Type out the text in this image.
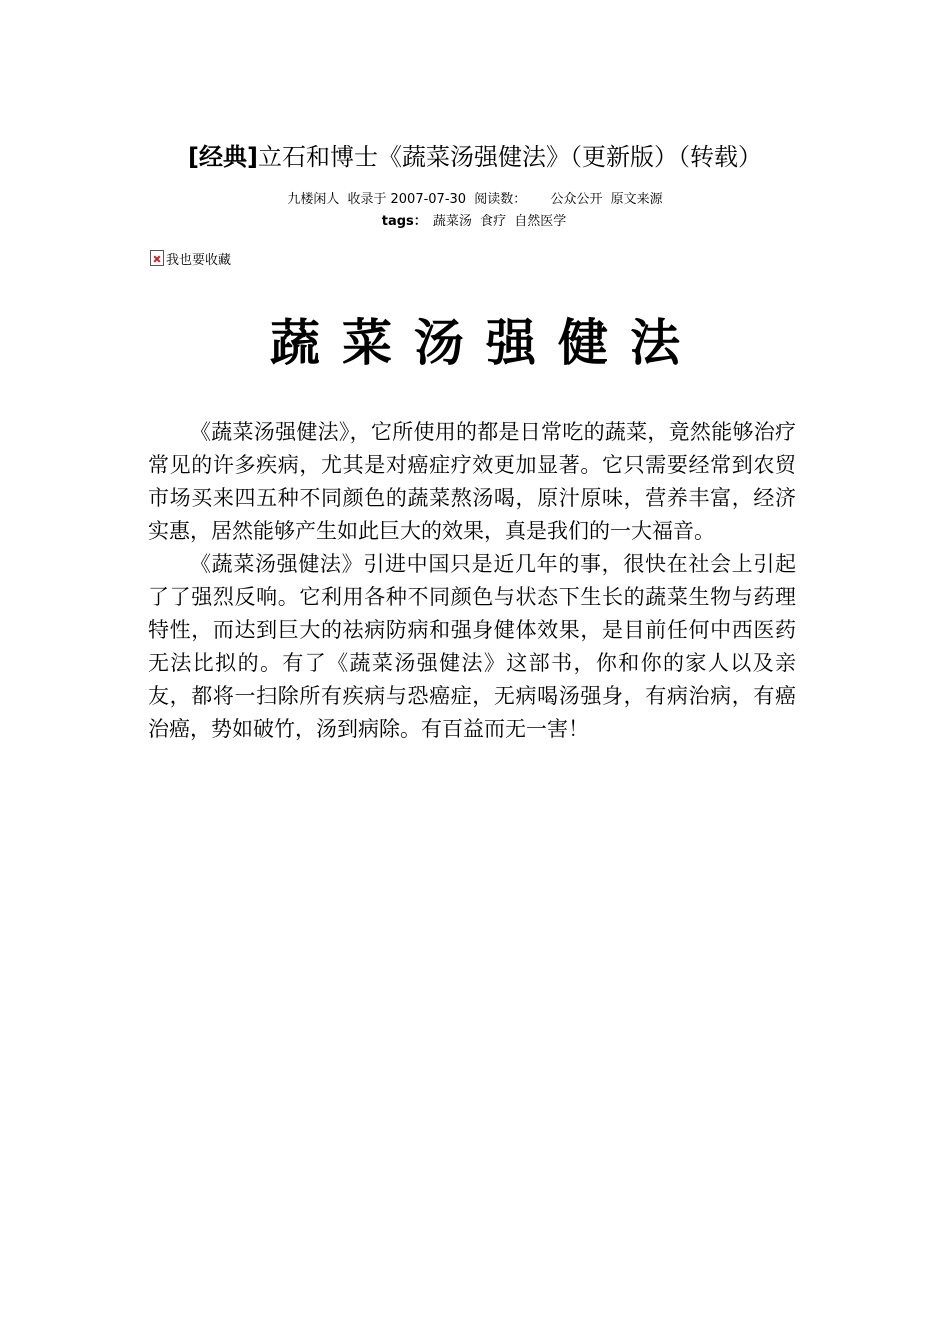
[经典]立石和博士《蔬菜汤强健法》（更新版）（转载）
九楼闲人 收录于 2007-07-30 阅读数： 公众公开 原文来源
tags： 蔬菜汤 食疗 自然医学
我也要收藏
蔬菜汤强健法

《蔬菜汤强健法》，它所使用的都是日常吃的蔬菜，竟然能够治疗常见的许多疾病，尤其是对癌症疗效更加显著。它只需要经常到农贸市场买来四五种不同颜色的蔬菜熬汤喝，原汁原味，营养丰富，经济实惠，居然能够产生如此巨大的效果，真是我们的一大福音。

《蔬菜汤强健法》引进中国只是近几年的事，很快在社会上引起了了强烈反响。它利用各种不同颜色与状态下生长的蔬菜生物与药理特性，而达到巨大的祛病防病和强身健体效果，是目前任何中西医药无法比拟的。有了《蔬菜汤强健法》这部书，你和你的家人以及亲友，都将一扫除所有疾病与恐癌症，无病喝汤强身，有病治病，有癌治癌，势如破竹，汤到病除。有百益而无一害！
